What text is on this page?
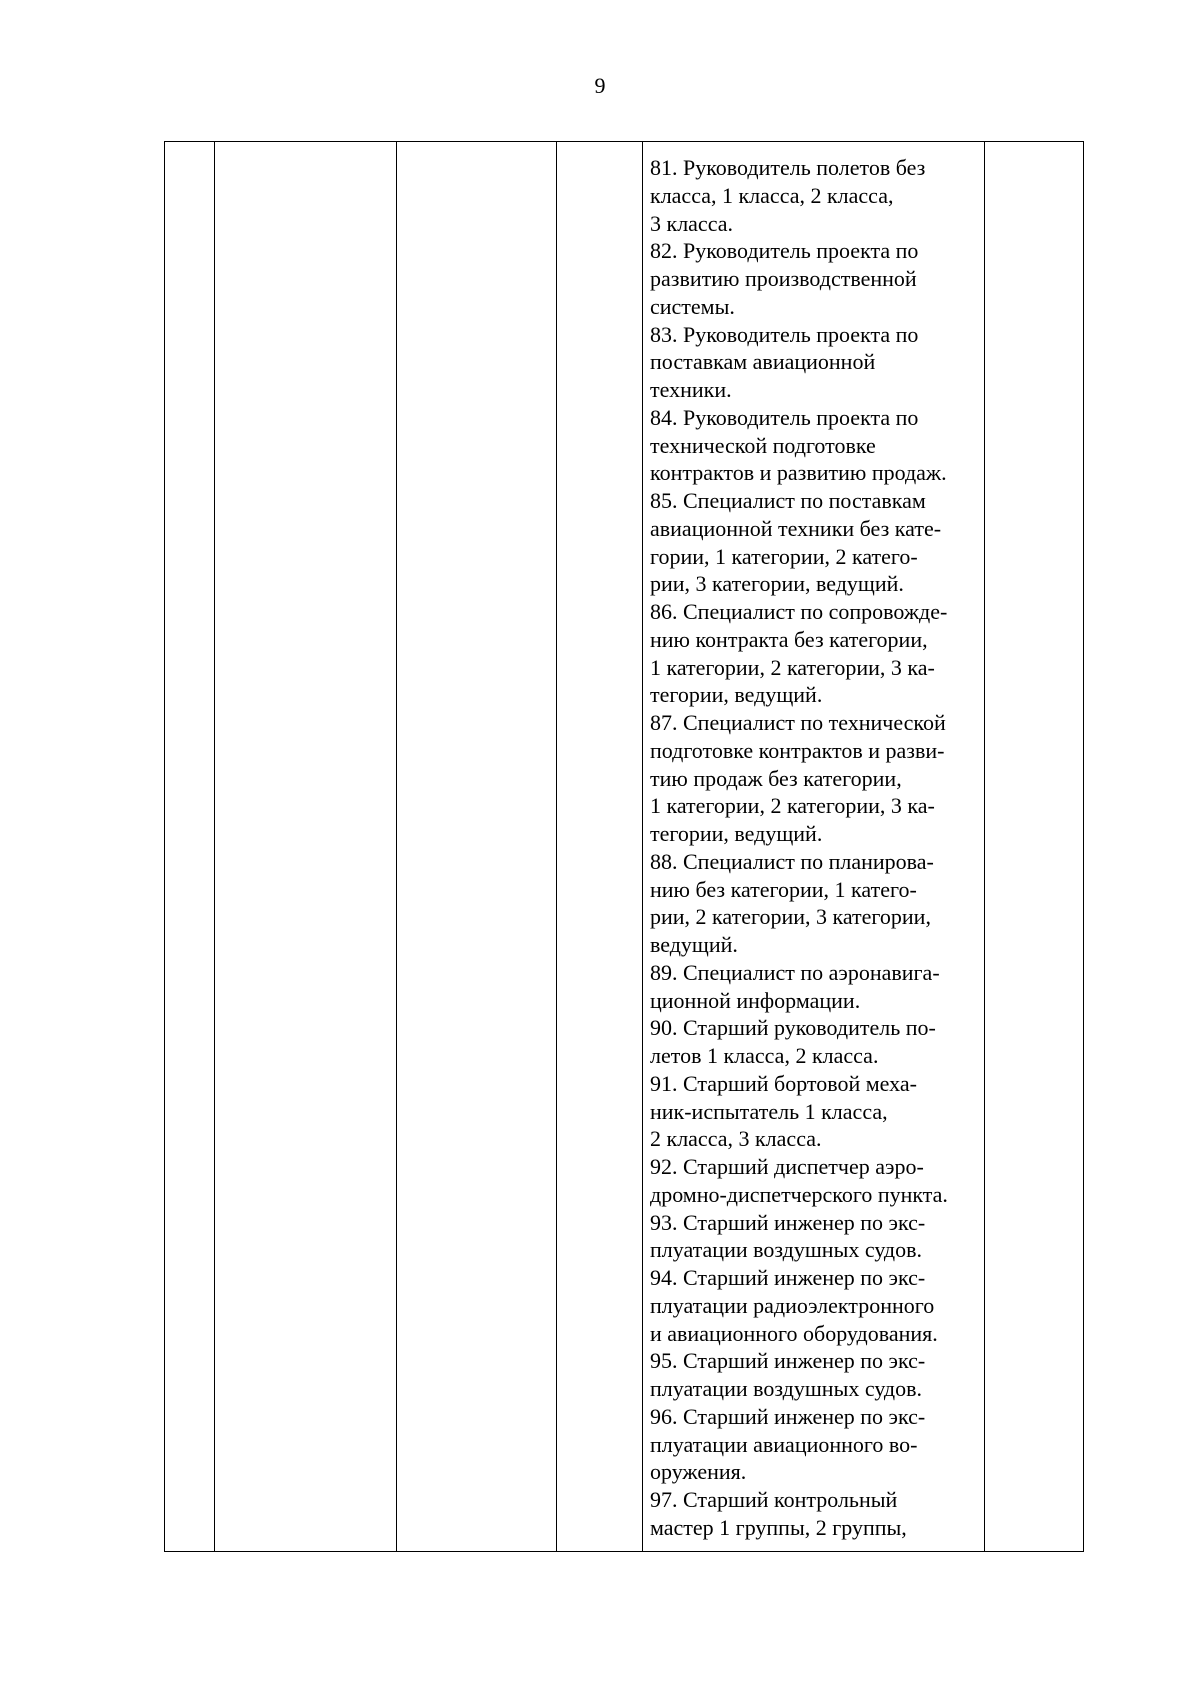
9

81. Руководитель полетов без
класса, 1 класса, 2 класса,
3 класса.
82. Руководитель проекта по
развитию производственной
системы.
83. Руководитель проекта по
поставкам авиационной
техники.
84. Руководитель проекта по
технической подготовке
контрактов и развитию продаж.
85. Специалист по поставкам
авиационной техники без кате-
гории, 1 категории, 2 катего-
рии, 3 категории, ведущий.
86. Специалист по сопровожде-
нию контракта без категории,
1 категории, 2 категории, 3 ка-
тегории, ведущий.
87. Специалист по технической
подготовке контрактов и разви-
тию продаж без категории,
1 категории, 2 категории, 3 ка-
тегории, ведущий.
88. Специалист по планирова-
нию без категории, 1 катего-
рии, 2 категории, 3 категории,
ведущий.
89. Специалист по аэронавига-
ционной информации.
90. Старший руководитель по-
летов 1 класса, 2 класса.
91. Старший бортовой меха-
ник-испытатель 1 класса,
2 класса, 3 класса.
92. Старший диспетчер аэро-
дромно-диспетчерского пункта.
93. Старший инженер по экс-
плуатации воздушных судов.
94. Старший инженер по экс-
плуатации радиоэлектронного
и авиационного оборудования.
95. Старший инженер по экс-
плуатации воздушных судов.
96. Старший инженер по экс-
плуатации авиационного во-
оружения.
97. Старший контрольный
мастер 1 группы, 2 группы,
